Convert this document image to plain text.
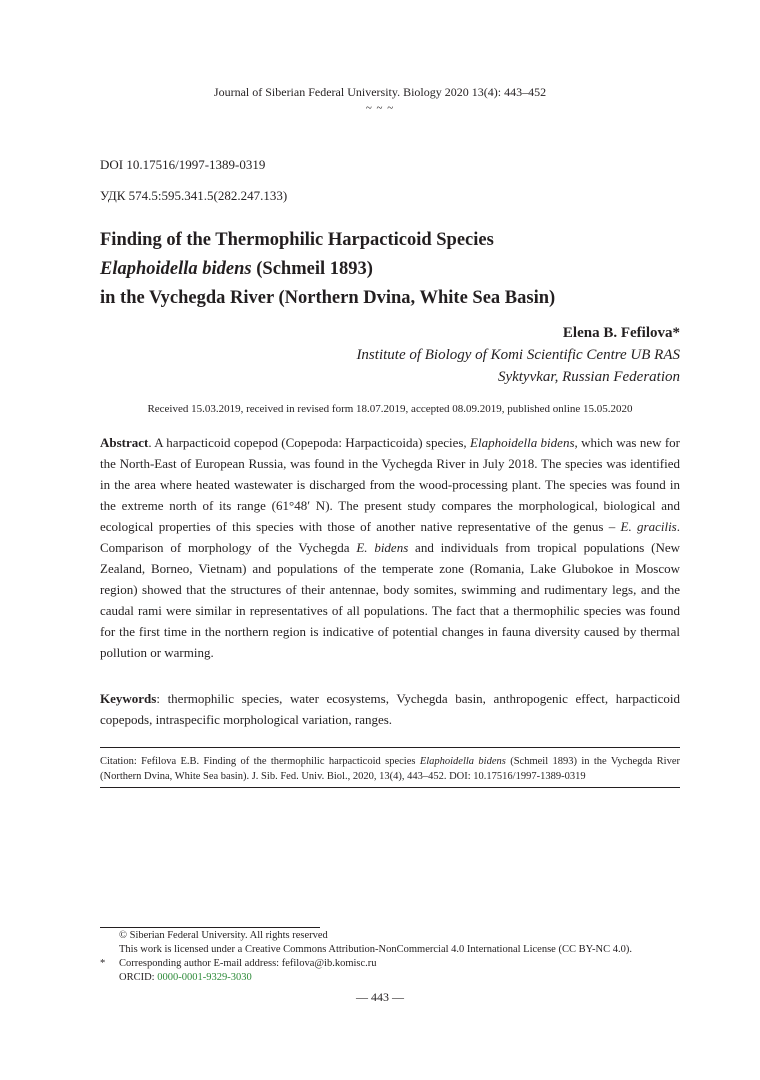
Journal of Siberian Federal University. Biology 2020 13(4): 443–452
~ ~ ~
DOI 10.17516/1997-1389-0319
УДК 574.5:595.341.5(282.247.133)
Finding of the Thermophilic Harpacticoid Species
Elaphoidella bidens (Schmeil 1893)
in the Vychegda River (Northern Dvina, White Sea Basin)
Elena B. Fefilova*
Institute of Biology of Komi Scientific Centre UB RAS
Syktyvkar, Russian Federation
Received 15.03.2019, received in revised form 18.07.2019, accepted 08.09.2019, published online 15.05.2020

Abstract. A harpacticoid copepod (Copepoda: Harpacticoida) species, Elaphoidella bidens, which was new for the North-East of European Russia, was found in the Vychegda River in July 2018. The species was identified in the area where heated wastewater is discharged from the wood-processing plant. The species was found in the extreme north of its range (61°48′ N). The present study compares the morphological, biological and ecological properties of this species with those of another native representative of the genus – E. gracilis. Comparison of morphology of the Vychegda E. bidens and individuals from tropical populations (New Zealand, Borneo, Vietnam) and populations of the temperate zone (Romania, Lake Glubokoe in Moscow region) showed that the structures of their antennae, body somites, swimming and rudimentary legs, and the caudal rami were similar in representatives of all populations. The fact that a thermophilic species was found for the first time in the northern region is indicative of potential changes in fauna diversity caused by thermal pollution or warming.

Keywords: thermophilic species, water ecosystems, Vychegda basin, anthropogenic effect, harpacticoid copepods, intraspecific morphological variation, ranges.

Citation: Fefilova E.B. Finding of the thermophilic harpacticoid species Elaphoidella bidens (Schmeil 1893) in the Vychegda River (Northern Dvina, White Sea basin). J. Sib. Fed. Univ. Biol., 2020, 13(4), 443–452. DOI: 10.17516/1997-1389-0319

© Siberian Federal University. All rights reserved
This work is licensed under a Creative Commons Attribution-NonCommercial 4.0 International License (CC BY-NC 4.0).
* Corresponding author E-mail address: fefilova@ib.komisc.ru
ORCID: 0000-0001-9329-3030
— 443 —
